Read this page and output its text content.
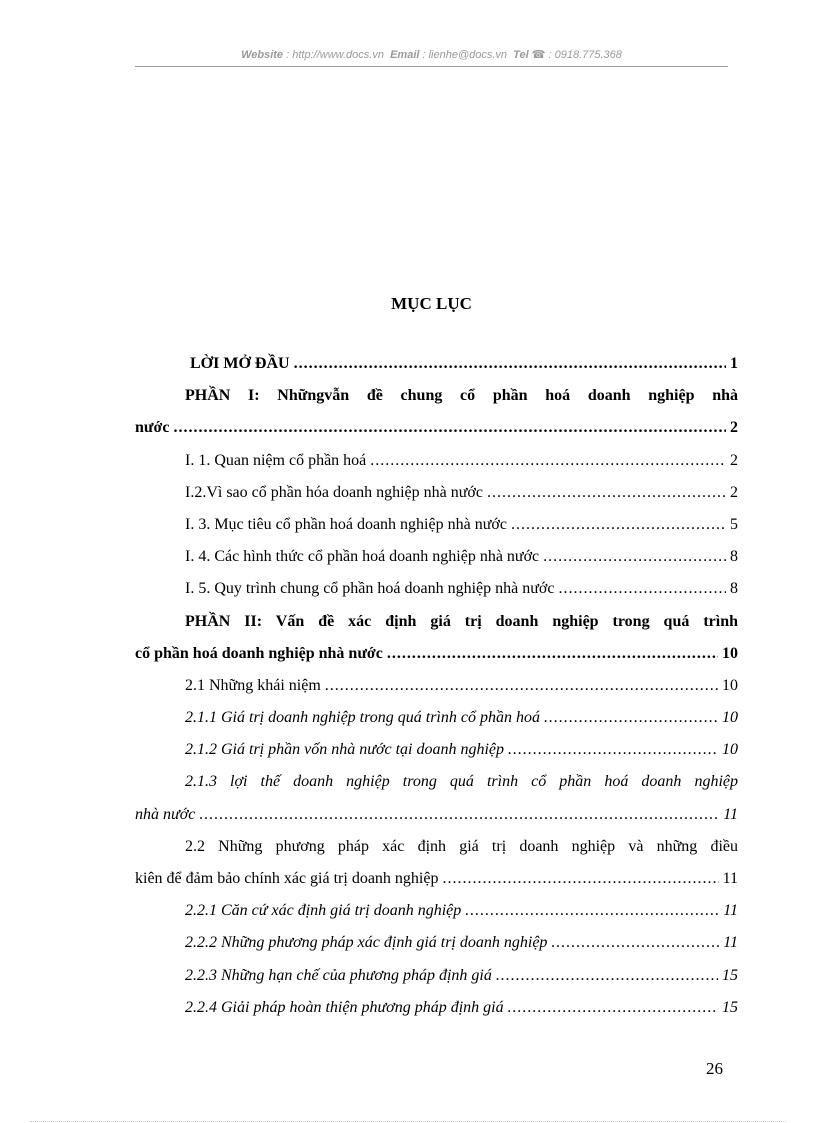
Website : http://www.docs.vn Email : lienhe@docs.vn Tel ☎ : 0918.775.368
MỤC LỤC
LỜI MỞ ĐẦU .....	1
PHẦN I: Nhữngvẫn đề chung cổ phần hoá doanh nghiệp nhà
nước .....	2
I. 1. Quan niệm cổ phần hoá .....	2
I.2.Vì sao cổ phần hóa doanh nghiệp nhà nước .....	2
I. 3. Mục tiêu cổ phần hoá doanh nghiệp nhà nước .....	5
I. 4. Các hình thức cổ phần hoá doanh nghiệp nhà nước .....	8
I. 5. Quy trình chung cổ phần hoá doanh nghiệp nhà nước .....	8
PHẦN II: Vấn đề xác định giá trị doanh nghiệp trong quá trình
cổ phần hoá doanh nghiệp nhà nước .....	10
2.1 Những khái niệm .....	10
2.1.1 Giá trị doanh nghiệp trong quá trình cổ phần hoá .....	10
2.1.2 Giá trị phần vốn nhà nước tại doanh nghiệp .....	10
2.1.3 lợi thế doanh nghiệp trong quá trình cổ phần hoá doanh nghiệp
nhà nước .....	11
2.2 Những phương pháp xác định giá trị doanh nghiệp và những điều
kiên để đảm bảo chính xác giá trị doanh nghiệp .....	11
2.2.1 Căn cứ xác định giá trị doanh nghiệp .....	11
2.2.2 Những phương pháp xác định giá trị doanh nghiệp .....	11
2.2.3 Những hạn chế của phương pháp định giá .....	15
2.2.4 Giải pháp hoàn thiện phương pháp định giá .....	15
26
